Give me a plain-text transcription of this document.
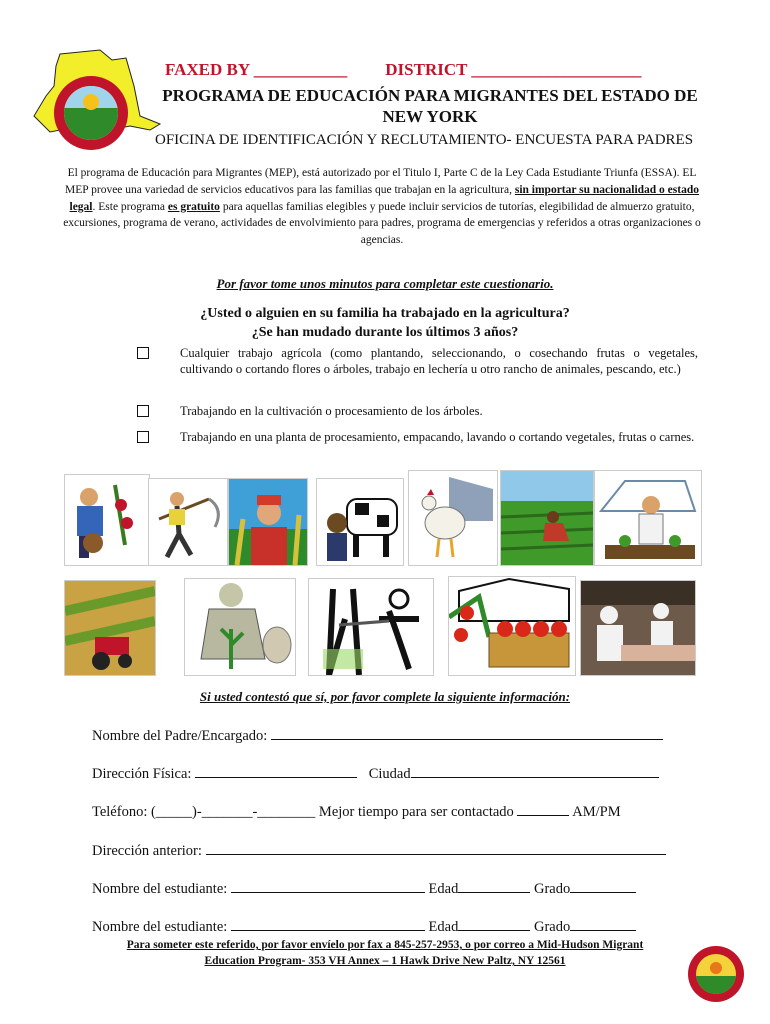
FAXED BY ___________ DISTRICT ____________________
PROGRAMA DE EDUCACIÓN PARA MIGRANTES DEL ESTADO DE
NEW YORK
OFICINA DE IDENTIFICACIÓN Y RECLUTAMIENTO- ENCUESTA PARA PADRES
El programa de Educación para Migrantes (MEP), está autorizado por el Titulo I, Parte C de la Ley Cada Estudiante Triunfa (ESSA). EL MEP provee una variedad de servicios educativos para las familias que trabajan en la agricultura, sin importar su nacionalidad o estado legal. Este programa es gratuito para aquellas familias elegibles y puede incluir servicios de tutorías, elegibilidad de almuerzo gratuito, excursiones, programa de verano, actividades de envolvimiento para padres, programa de emergencias y referidos a otras organizaciones o agencias.
Por favor tome unos minutos para completar este cuestionario.
¿Usted o alguien en su familia ha trabajado en la agricultura?
¿Se han mudado durante los últimos 3 años?
Cualquier trabajo agrícola (como plantando, seleccionando, o cosechando frutas o vegetales, cultivando o cortando flores o árboles, trabajo en lechería u otro rancho de animales, pescando, etc.)
Trabajando en la cultivación o procesamiento de los árboles.
Trabajando en una planta de procesamiento, empacando, lavando o cortando vegetales, frutas o carnes.
Si usted contestó que sí, por favor complete la siguiente información:
Nombre del Padre/Encargado:
Dirección Física:	Ciudad
Teléfono: (_____)-_______-________ Mejor tiempo para ser contactado	AM/PM
Dirección anterior:
Nombre del estudiante:	Edad	Grado
Nombre del estudiante:	Edad	Grado
Para someter este referido, por favor envíelo por fax a 845-257-2953, o por correo a Mid-Hudson Migrant
Education Program- 353 VH Annex – 1 Hawk Drive New Paltz, NY 12561
